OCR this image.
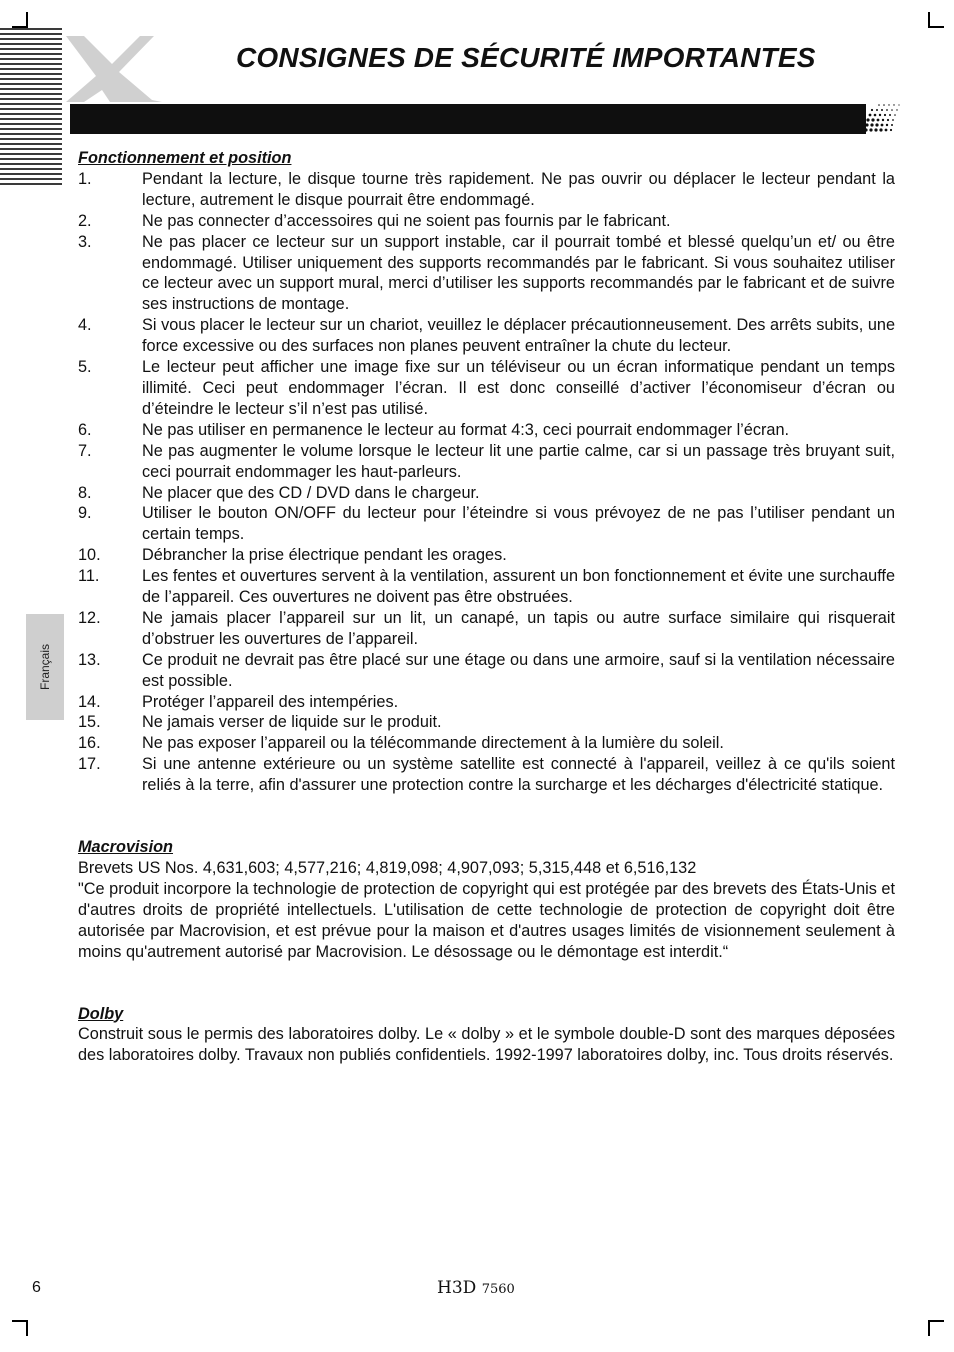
CONSIGNES DE SÉCURITÉ IMPORTANTES
Français
Fonctionnement et position
1.	Pendant la lecture, le disque tourne très rapidement. Ne pas ouvrir ou déplacer le lecteur pendant la lecture, autrement le disque pourrait être endommagé.
2.	Ne pas connecter d’accessoires qui ne soient pas fournis par le fabricant.
3.	Ne pas placer ce lecteur sur un support instable, car il pourrait tombé et blessé quelqu’un et/ ou être endommagé. Utiliser uniquement des supports recommandés par le fabricant. Si vous souhaitez utiliser ce lecteur avec un support mural, merci d’utiliser les supports recommandés par le fabricant et de suivre ses instructions de montage.
4.	Si vous placer le lecteur sur un chariot, veuillez le déplacer précautionneusement. Des arrêts subits, une force excessive ou des surfaces non planes peuvent entraîner la chute du lecteur.
5.	Le lecteur peut afficher une image fixe sur un téléviseur ou un écran informatique pendant un temps illimité. Ceci peut endommager l’écran. Il est donc conseillé d’activer l’économiseur d’écran ou d’éteindre le lecteur s’il n’est pas utilisé.
6.	Ne pas utiliser en permanence le lecteur au format 4:3, ceci pourrait endommager l’écran.
7.	Ne pas augmenter le volume lorsque le lecteur lit une partie calme, car si un passage très bruyant suit, ceci pourrait endommager les haut-parleurs.
8.	Ne placer que des CD / DVD dans le chargeur.
9.	Utiliser le bouton ON/OFF du lecteur pour l’éteindre si vous prévoyez de ne pas l’utiliser pendant un certain temps.
10.	Débrancher la prise électrique pendant les orages.
11.	Les fentes et ouvertures servent à la ventilation, assurent un bon fonctionnement et évite une surchauffe de l’appareil. Ces ouvertures ne doivent pas être obstruées.
12.	Ne jamais placer l’appareil sur un lit, un canapé, un tapis ou autre surface similaire qui risquerait d’obstruer les ouvertures de l’appareil.
13.	Ce produit ne devrait pas être placé sur une étage ou dans une armoire, sauf si la ventilation nécessaire est possible.
14.	Protéger l’appareil des intempéries.
15.	Ne jamais verser de liquide sur le produit.
16.	Ne pas exposer l’appareil ou la télécommande directement à la lumière du soleil.
17.	Si une antenne extérieure ou un système satellite est connecté à l'appareil, veillez à ce qu'ils soient reliés à la terre, afin d'assurer une protection contre la surcharge et les décharges d'électricité statique.
Macrovision
Brevets US Nos. 4,631,603; 4,577,216; 4,819,098; 4,907,093; 5,315,448 et 6,516,132
"Ce produit incorpore la technologie de protection de copyright qui est protégée par des brevets des États-Unis et d'autres droits de propriété intellectuels. L'utilisation de cette technologie de protection de copyright doit être autorisée par Macrovision, et est prévue pour la maison et d'autres usages limités de visionnement seulement à moins qu'autrement autorisé par Macrovision. Le désossage ou le démontage est interdit.“
Dolby
Construit sous le permis des laboratoires dolby. Le « dolby » et le symbole double-D sont des marques déposées des laboratoires dolby. Travaux non publiés confidentiels. 1992-1997 laboratoires dolby, inc. Tous droits réservés.
6	H3D 7560
